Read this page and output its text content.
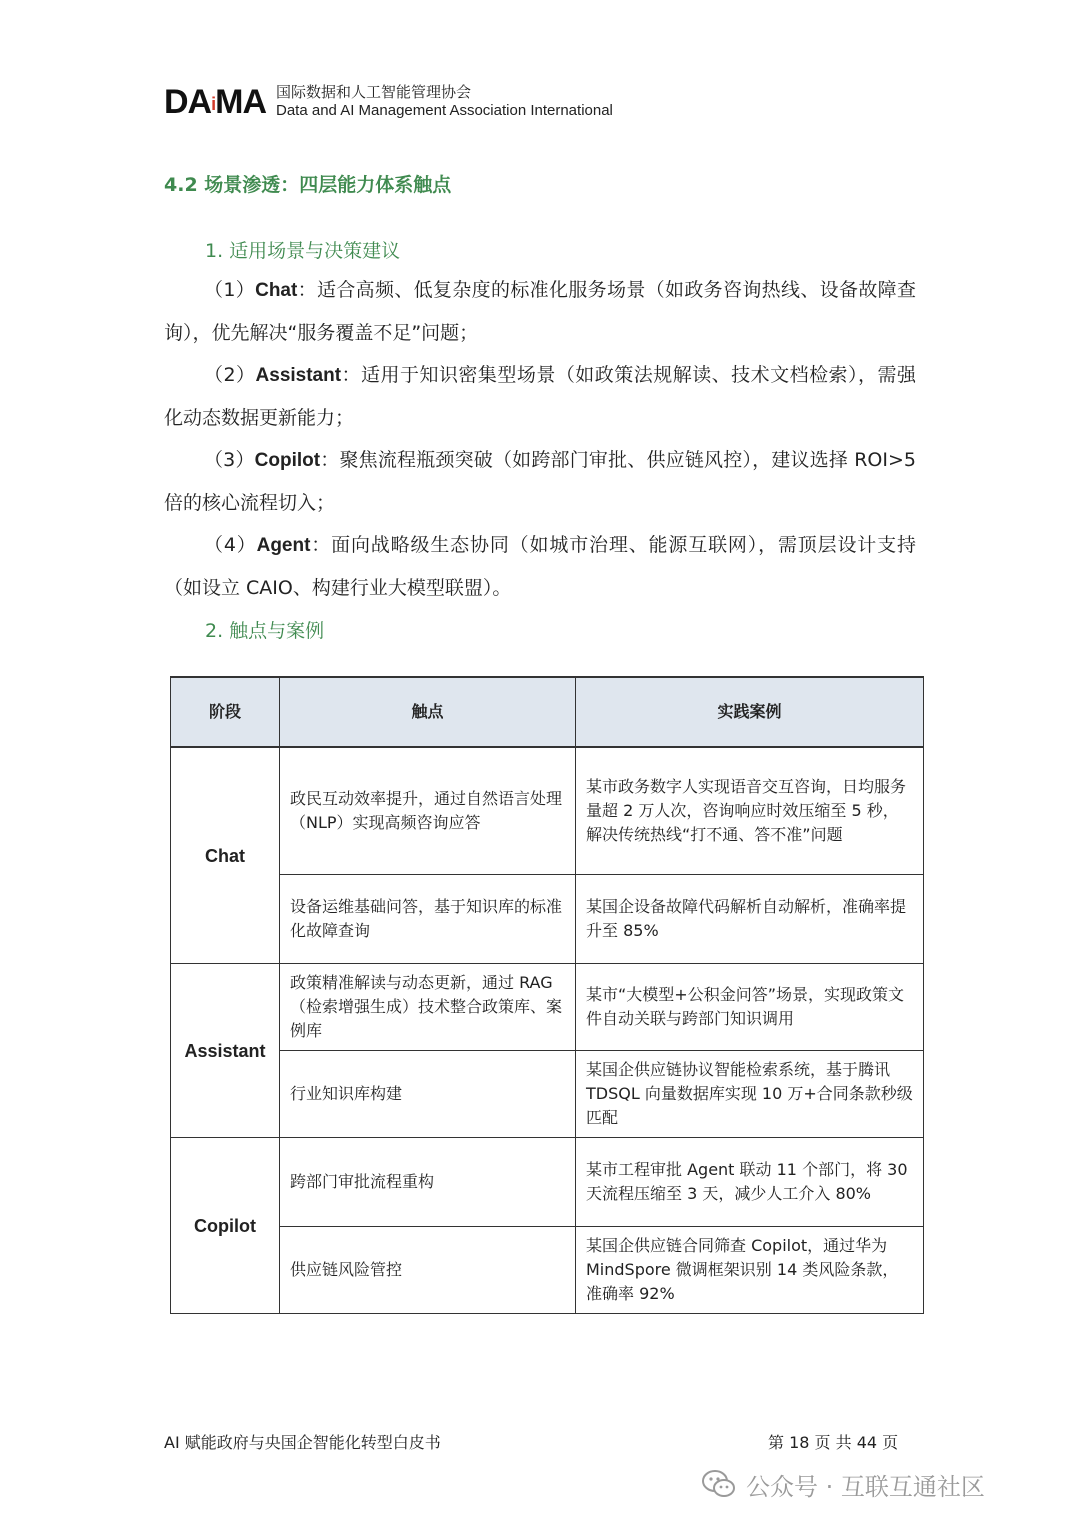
$DA^iMA$ 国际数据和人工智能管理协会
Data and AI Management Association International
4.2 场景渗透：四层能力体系触点
1. 适用场景与决策建议
（1）Chat：适合高频、低复杂度的标准化服务场景（如政务咨询热线、设备故障查询），优先解决“服务覆盖不足”问题；
（2）Assistant：适用于知识密集型场景（如政策法规解读、技术文档检索），需强化动态数据更新能力；
（3）Copilot：聚焦流程瓶颈突破（如跨部门审批、供应链风控），建议选择 ROI>5 倍的核心流程切入；
（4）Agent：面向战略级生态协同（如城市治理、能源互联网），需顶层设计支持（如设立 CAIO、构建行业大模型联盟）。
2. 触点与案例
阶段	触点	实践案例
Chat	政民互动效率提升，通过自然语言处理（NLP）实现高频咨询应答	某市政务数字人实现语音交互咨询，日均服务量超 2 万人次，咨询响应时效压缩至 5 秒，解决传统热线“打不通、答不准”问题
	设备运维基础问答，基于知识库的标准化故障查询	某国企设备故障代码解析自动解析，准确率提升至 85%
Assistant	政策精准解读与动态更新，通过 RAG（检索增强生成）技术整合政策库、案例库	某市“大模型+公积金问答”场景，实现政策文件自动关联与跨部门知识调用
	行业知识库构建	某国企供应链协议智能检索系统，基于腾讯 TDSQL 向量数据库实现 10 万+合同条款秒级匹配
Copilot	跨部门审批流程重构	某市工程审批 Agent 联动 11 个部门，将 30 天流程压缩至 3 天，减少人工介入 80%
	供应链风险管控	某国企供应链合同筛查 Copilot，通过华为 MindSpore 微调框架识别 14 类风险条款，准确率 92%
AI 赋能政府与央国企智能化转型白皮书	第 18 页 共 44 页
公众号 · 互联互通社区
